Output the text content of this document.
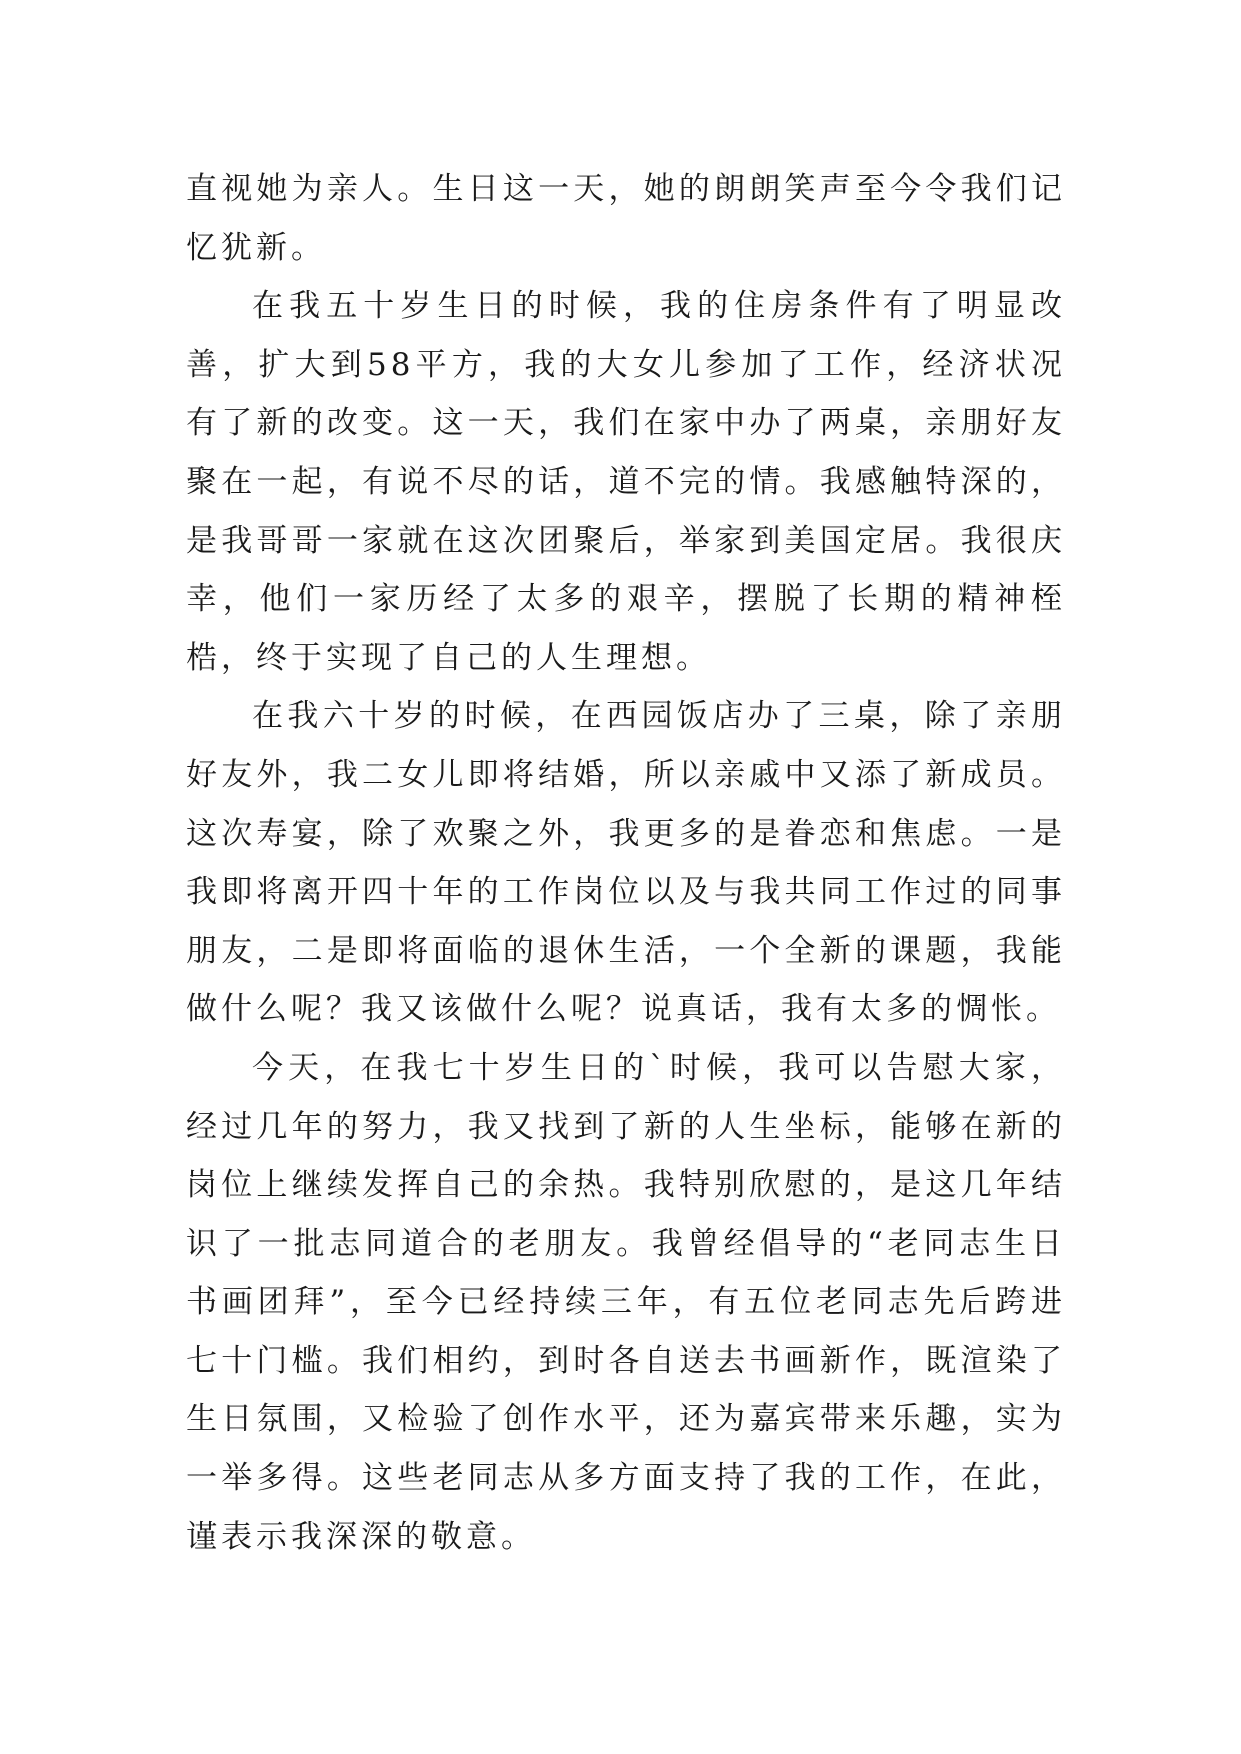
直视她为亲人。生日这一天，她的朗朗笑声至今令我们记忆犹新。

在我五十岁生日的时候，我的住房条件有了明显改善，扩大到58平方，我的大女儿参加了工作，经济状况有了新的改变。这一天，我们在家中办了两桌，亲朋好友聚在一起，有说不尽的话，道不完的情。我感触特深的，是我哥哥一家就在这次团聚后，举家到美国定居。我很庆幸，他们一家历经了太多的艰辛，摆脱了长期的精神桎梏，终于实现了自己的人生理想。

在我六十岁的时候，在西园饭店办了三桌，除了亲朋好友外，我二女儿即将结婚，所以亲戚中又添了新成员。这次寿宴，除了欢聚之外，我更多的是眷恋和焦虑。一是我即将离开四十年的工作岗位以及与我共同工作过的同事朋友，二是即将面临的退休生活，一个全新的课题，我能做什么呢？我又该做什么呢？说真话，我有太多的惆怅。

今天，在我七十岁生日的`时候，我可以告慰大家，经过几年的努力，我又找到了新的人生坐标，能够在新的岗位上继续发挥自己的余热。我特别欣慰的，是这几年结识了一批志同道合的老朋友。我曾经倡导的“老同志生日书画团拜”，至今已经持续三年，有五位老同志先后跨进七十门槛。我们相约，到时各自送去书画新作，既渲染了生日氛围，又检验了创作水平，还为嘉宾带来乐趣，实为一举多得。这些老同志从多方面支持了我的工作，在此，谨表示我深深的敬意。
